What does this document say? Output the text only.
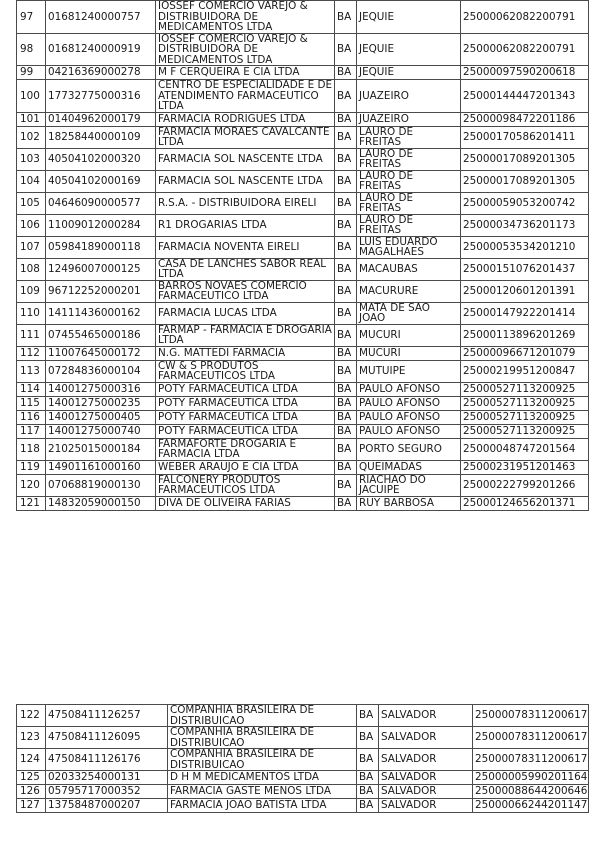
97	01681240000757	IOSSEF COMERCIO VAREJO & DISTRIBUIDORA DE MEDICAMENTOS LTDA	BA	JEQUIE	25000062082200791
98	01681240000919	IOSSEF COMERCIO VAREJO & DISTRIBUIDORA DE MEDICAMENTOS LTDA	BA	JEQUIE	25000062082200791
99	04216369000278	M F CERQUEIRA E CIA LTDA	BA	JEQUIE	25000097590200618
100	17732775000316	CENTRO DE ESPECIALIDADE E DE ATENDIMENTO FARMACEUTICO LTDA	BA	JUAZEIRO	25000144447201343
101	01404962000179	FARMACIA RODRIGUES LTDA	BA	JUAZEIRO	25000098472201186
102	18258440000109	FARMACIA MORAES CAVALCANTE LTDA	BA	LAURO DE FREITAS	25000170586201411
103	40504102000320	FARMACIA SOL NASCENTE LTDA	BA	LAURO DE FREITAS	25000017089201305
104	40504102000169	FARMACIA SOL NASCENTE LTDA	BA	LAURO DE FREITAS	25000017089201305
105	04646090000577	R.S.A. - DISTRIBUIDORA EIRELI	BA	LAURO DE FREITAS	25000059053200742
106	11009012000284	R1 DROGARIAS LTDA	BA	LAURO DE FREITAS	25000034736201173
107	05984189000118	FARMACIA NOVENTA EIRELI	BA	LUIS EDUARDO MAGALHAES	25000053534201210
108	12496007000125	CASA DE LANCHES SABOR REAL LTDA	BA	MACAUBAS	25000151076201437
109	96712252000201	BARROS NOVAES COMERCIO FARMACEUTICO LTDA	BA	MACURURE	25000120601201391
110	14111436000162	FARMACIA LUCAS LTDA	BA	MATA DE SAO JOAO	25000147922201414
111	07455465000186	FARMAP - FARMACIA E DROGARIA LTDA	BA	MUCURI	25000113896201269
112	11007645000172	N.G. MATTEDI FARMACIA	BA	MUCURI	25000096671201079
113	07284836000104	CW & S PRODUTOS FARMACEUTICOS LTDA	BA	MUTUIPE	25000219951200847
114	14001275000316	POTY FARMACEUTICA LTDA	BA	PAULO AFONSO	25000527113200925
115	14001275000235	POTY FARMACEUTICA LTDA	BA	PAULO AFONSO	25000527113200925
116	14001275000405	POTY FARMACEUTICA LTDA	BA	PAULO AFONSO	25000527113200925
117	14001275000740	POTY FARMACEUTICA LTDA	BA	PAULO AFONSO	25000527113200925
118	21025015000184	FARMAFORTE DROGARIA E FARMACIA LTDA	BA	PORTO SEGURO	25000048747201564
119	14901161000160	WEBER ARAUJO E CIA LTDA	BA	QUEIMADAS	25000231951201463
120	07068819000130	FALCONERY PRODUTOS FARMACEUTICOS LTDA	BA	RIACHAO DO JACUIPE	25000222799201266
121	14832059000150	DIVA DE OLIVEIRA FARIAS	BA	RUY BARBOSA	25000124656201371
122	47508411126257	COMPANHIA BRASILEIRA DE DISTRIBUICAO	BA	SALVADOR	25000078311200617
123	47508411126095	COMPANHIA BRASILEIRA DE DISTRIBUICAO	BA	SALVADOR	25000078311200617
124	47508411126176	COMPANHIA BRASILEIRA DE DISTRIBUICAO	BA	SALVADOR	25000078311200617
125	02033254000131	D H M MEDICAMENTOS LTDA	BA	SALVADOR	25000005990201164
126	05795717000352	FARMACIA GASTE MENOS LTDA	BA	SALVADOR	25000088644200646
127	13758487000207	FARMACIA JOAO BATISTA LTDA	BA	SALVADOR	25000066244201147
